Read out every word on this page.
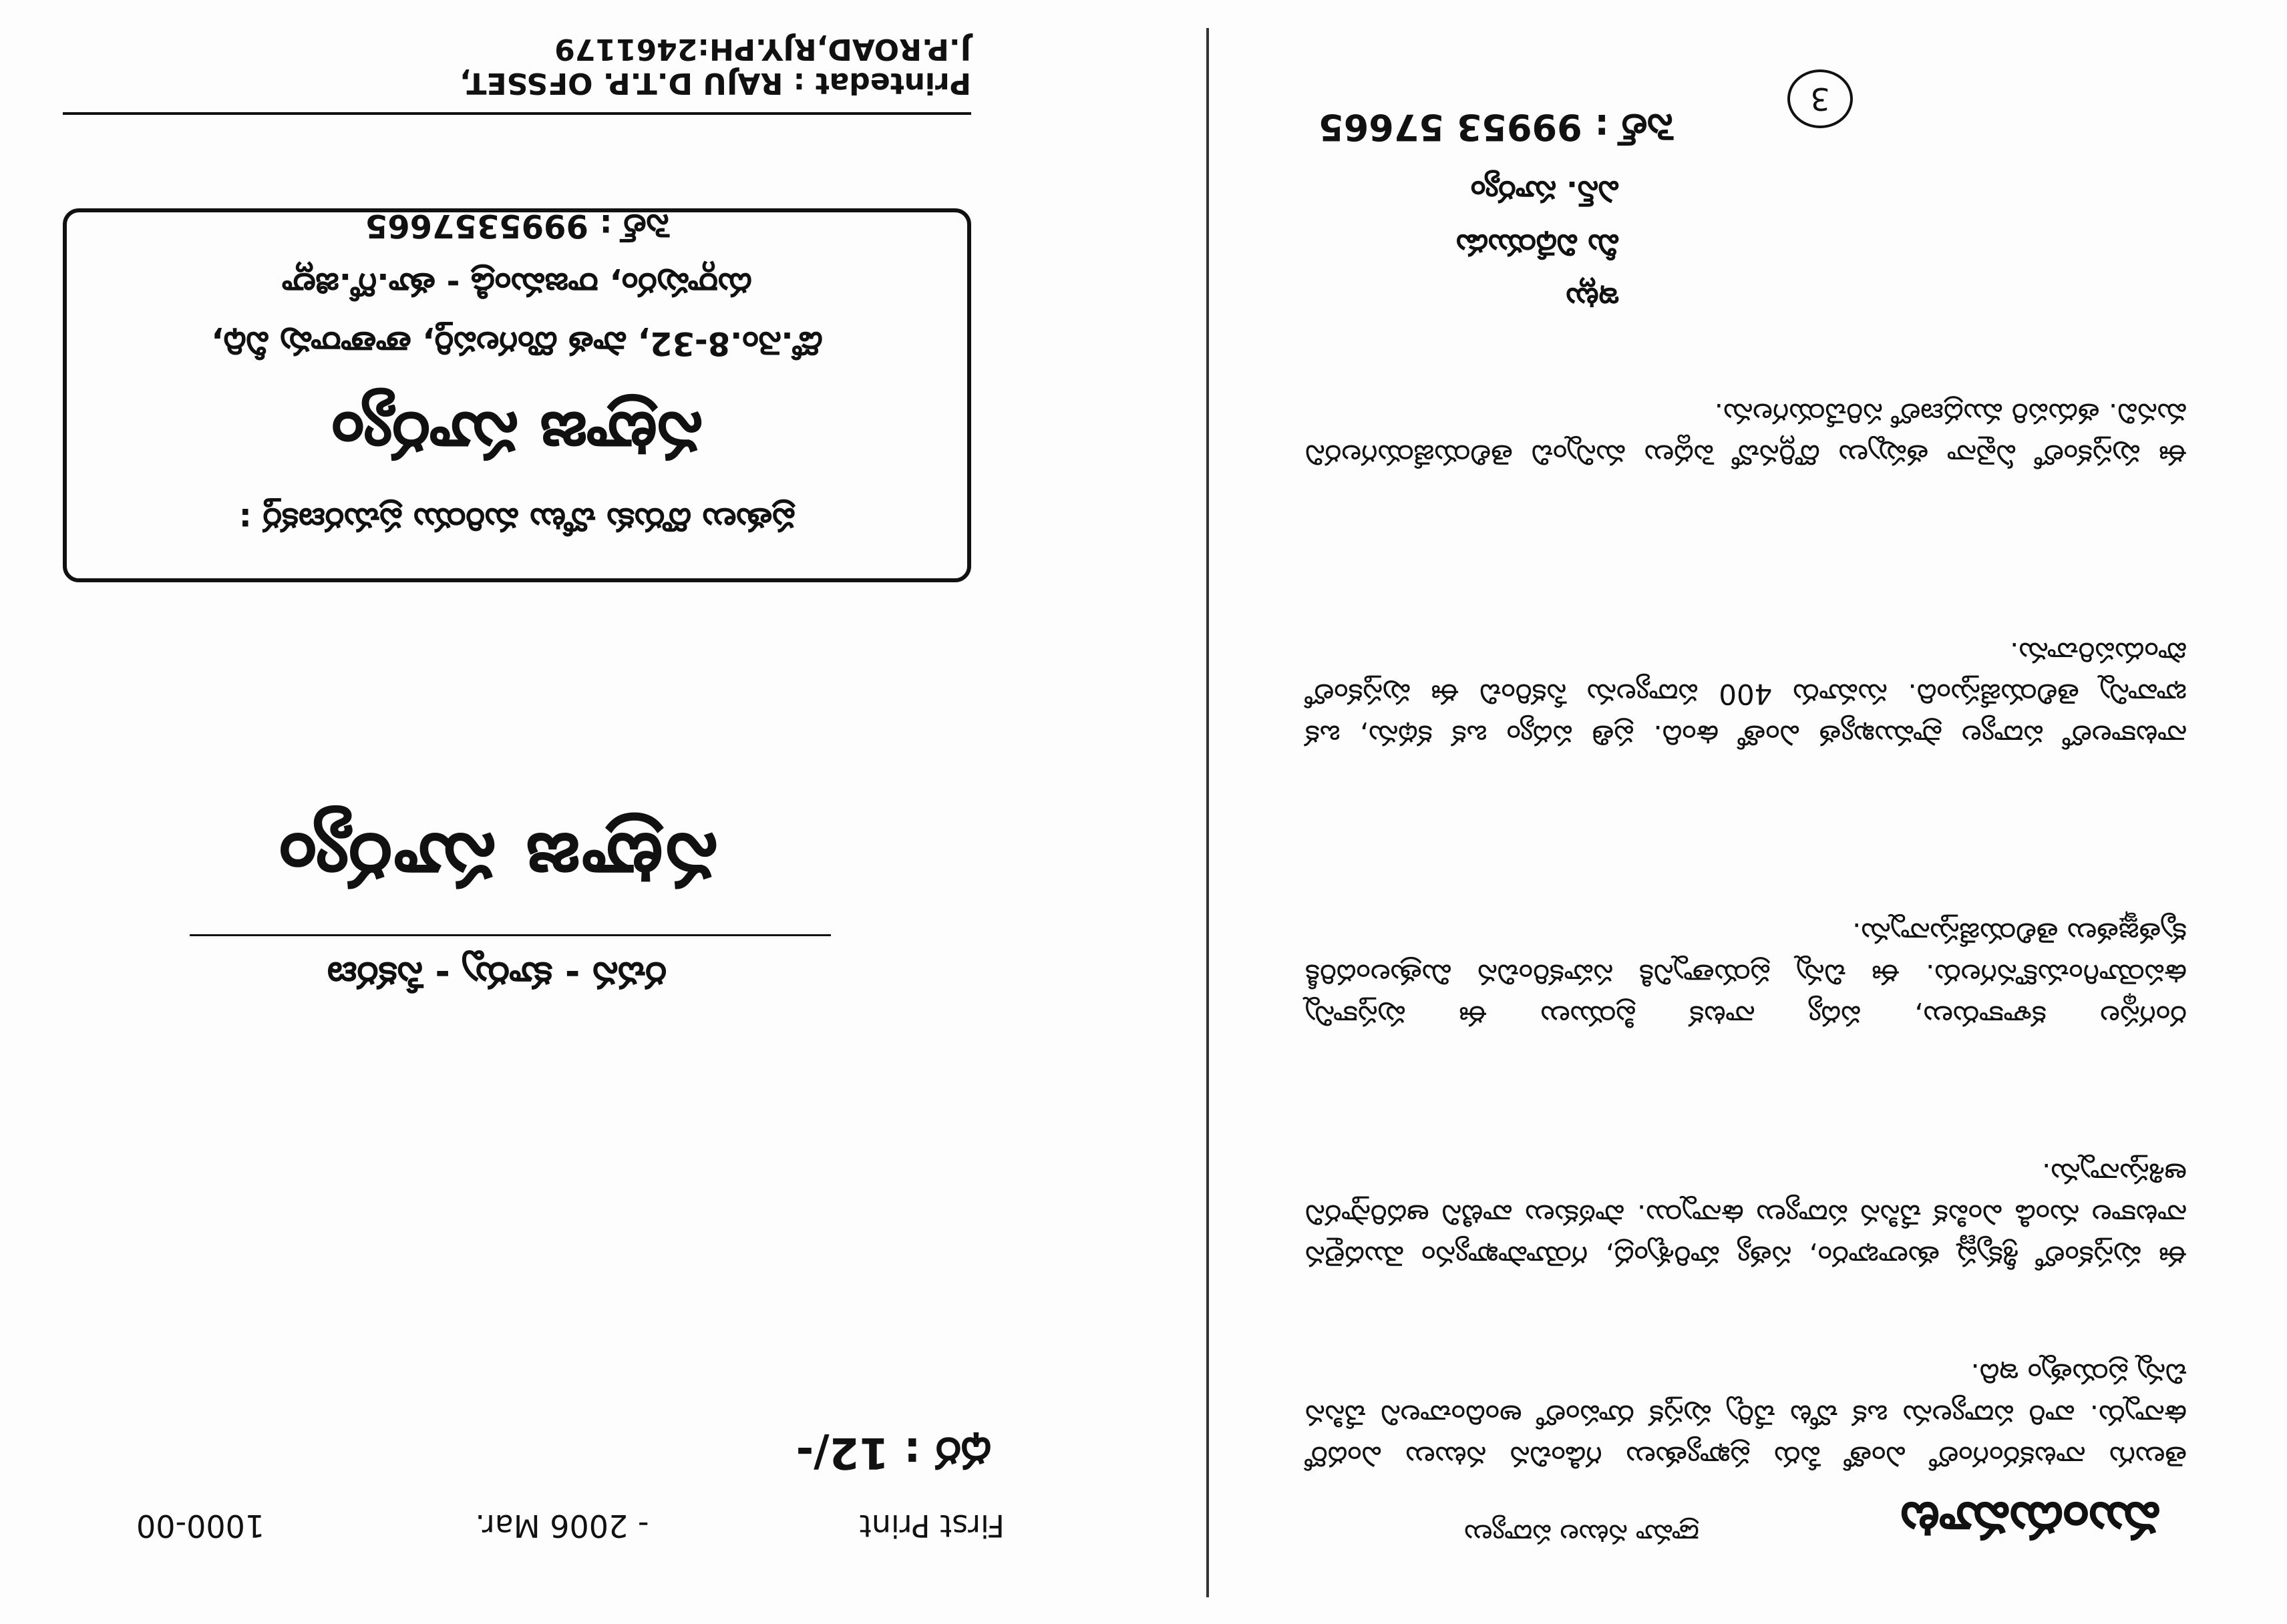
ముందుమాట
డ్రామా నటుల పద్యాలు
తెలుగు నాటకరంగంలో ఎంతో పేరు ప్రఖ్యాతులు గడించిన నటులు ఎందరో ఉన్నారు. వారి పద్యాలను ఒక చోట చేర్చి పుస్తక రూపంలో అందించాలని చేసిన చిన్న ప్రయత్నం ఇది.
ఈ పుస్తకంలో శ్రీకృష్ణ తులాభారం, సత్య హరిశ్చంద్ర, గయోపాఖ్యానం మొదలైన నాటకాల నుండి ఎంపిక చేసిన పద్యాలు ఉన్నాయి. పాఠకులు వాటిని ఆదరిస్తారని ఆశిస్తున్నాను.
రంగస్థల కళాకారులు, పద్య నాటక ప్రియులు ఈ పుస్తకాన్ని ఉపయోగించుకొనగలరు. ఈ చిన్న ప్రయత్నానికి సహకరించిన మిత్రులందరికీ కృతజ్ఞతలు తెలియజేస్తున్నాను.
నాటకాలలో పద్యాల ప్రాముఖ్యత ఎంతో ఉంది. ప్రతి పద్యం ఒక కథను, ఒక భావాన్ని తెలియజేస్తుంది. సుమారు 400 పద్యాలను సేకరించి ఈ పుస్తకంలో పొందుపరిచాను.
ఈ పుస్తకంలో ఏవైనా తప్పులు దొర్లినచో పెద్దలు మన్నించి తెలియజేయగలరని మనవి. తదుపరి ముద్రణలో సరిచేయగలను.
ఇట్లు
మీ విధేయుడు
ఎన్. సూర్యం
సెల్ : 99953 57665
3
First Print
- 2006 Mar.
1000-00
ధర : 12/-
రచన - కూర్పు - సేకరణ
నట్రాజ సూర్యం
ప్రతులు దొరుకు చోటు మరియు ప్రచురణకర్త :
నట్రాజ సూర్యం
డో.నెం.8-32, పాత దొంగలపర్తి, తాతారావు వీధి,
దుర్గాపురం, రాజమండ్రి - తూ.గో.జిల్లా
సెల్ : 9995357665
Printedat : RAJU D.T.P. OFSSET, J.P.ROAD,RJY.PH:2461179
